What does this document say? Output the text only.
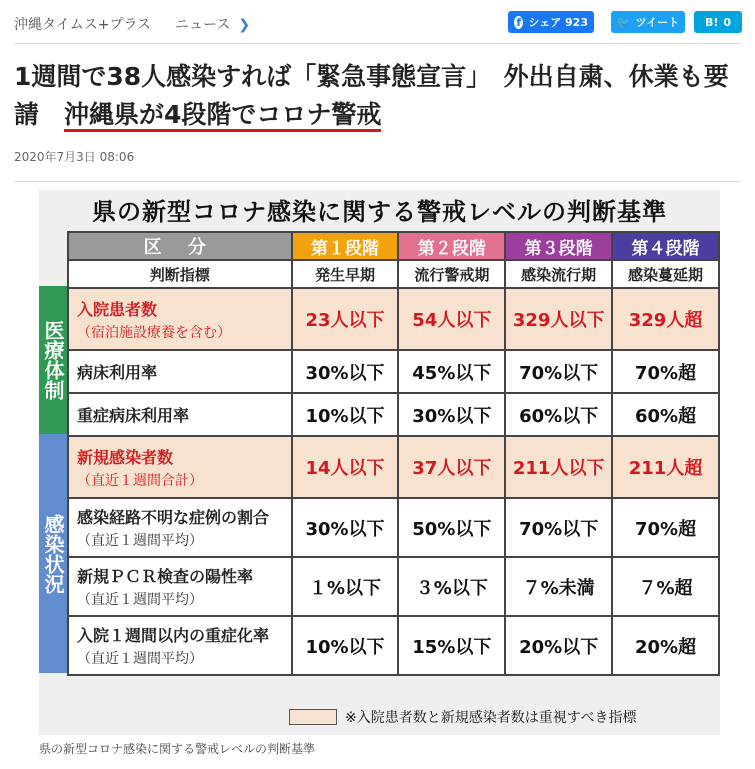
沖縄タイムス+プラス ニュース ❯	f シェア 923	🐦 ツイート B! 0
1週間で38人感染すれば「緊急事態宣言」　外出自粛、休業も要請　沖縄県が4段階でコロナ警戒
2020年7月3日 08:06
県の新型コロナ感染に関する警戒レベルの判断基準
医療体制
感染状況
区 分	第１段階	第２段階	第３段階	第４段階
判断指標	発生早期	流行警戒期	感染流行期	感染蔓延期

入院患者数
（宿泊施設療養を含む）	23人以下	54人以下	329人以下	329人超

病床利用率	30%以下	45%以下	70%以下	70%超

重症病床利用率	10%以下	30%以下	60%以下	60%超

新規感染者数
（直近１週間合計）	14人以下	37人以下	211人以下	211人超

感染経路不明な症例の割合
（直近１週間平均）	30%以下	50%以下	70%以下	70%超

新規ＰＣＲ検査の陽性率
（直近１週間平均）	１%以下	３%以下	７%未満	７%超

入院１週間以内の重症化率
（直近１週間平均）	10%以下	15%以下	20%以下	20%超
※入院患者数と新規感染者数は重視すべき指標
県の新型コロナ感染に関する警戒レベルの判断基準
